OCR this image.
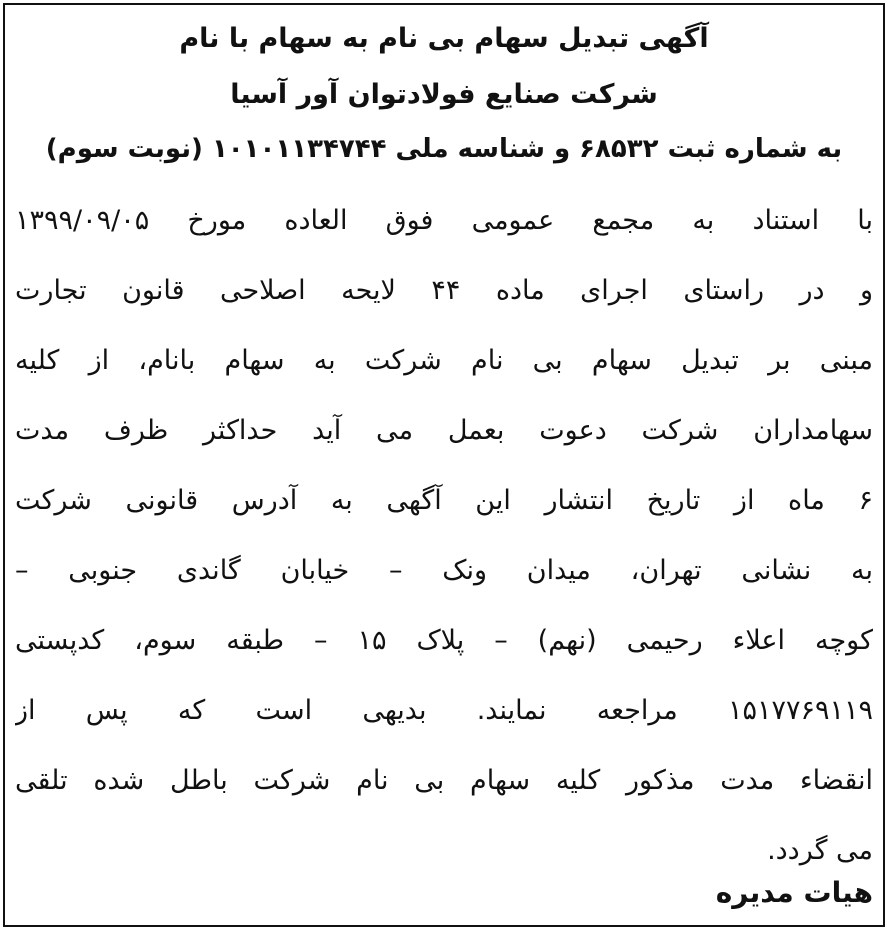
آگهی تبدیل سهام بی نام به سهام با نام
شرکت صنایع فولادتوان آور آسیا
به شماره ثبت ۶۸۵۳۲ و شناسه ملی ۱۰۱۰۱۱۳۴۷۴۴ (نوبت سوم)
با استناد به مجمع عمومی فوق العاده مورخ ۱۳۹۹/۰۹/۰۵
و در راستای اجرای ماده ۴۴ لایحه اصلاحی قانون تجارت
مبنی بر تبدیل سهام بی نام شرکت به سهام بانام، از کلیه
سهامداران شرکت دعوت بعمل می آید حداکثر ظرف مدت
۶ ماه از تاریخ انتشار این آگهی به آدرس قانونی شرکت
به نشانی تهران، میدان ونک – خیابان گاندی جنوبی –
کوچه اعلاء رحیمی (نهم) – پلاک ۱۵ – طبقه سوم، کدپستی
۱۵۱۷۷۶۹۱۱۹ مراجعه نمایند. بدیهی است که پس از
انقضاء مدت مذکور کلیه سهام بی نام شرکت باطل شده تلقی
می گردد.
هیات مدیره
